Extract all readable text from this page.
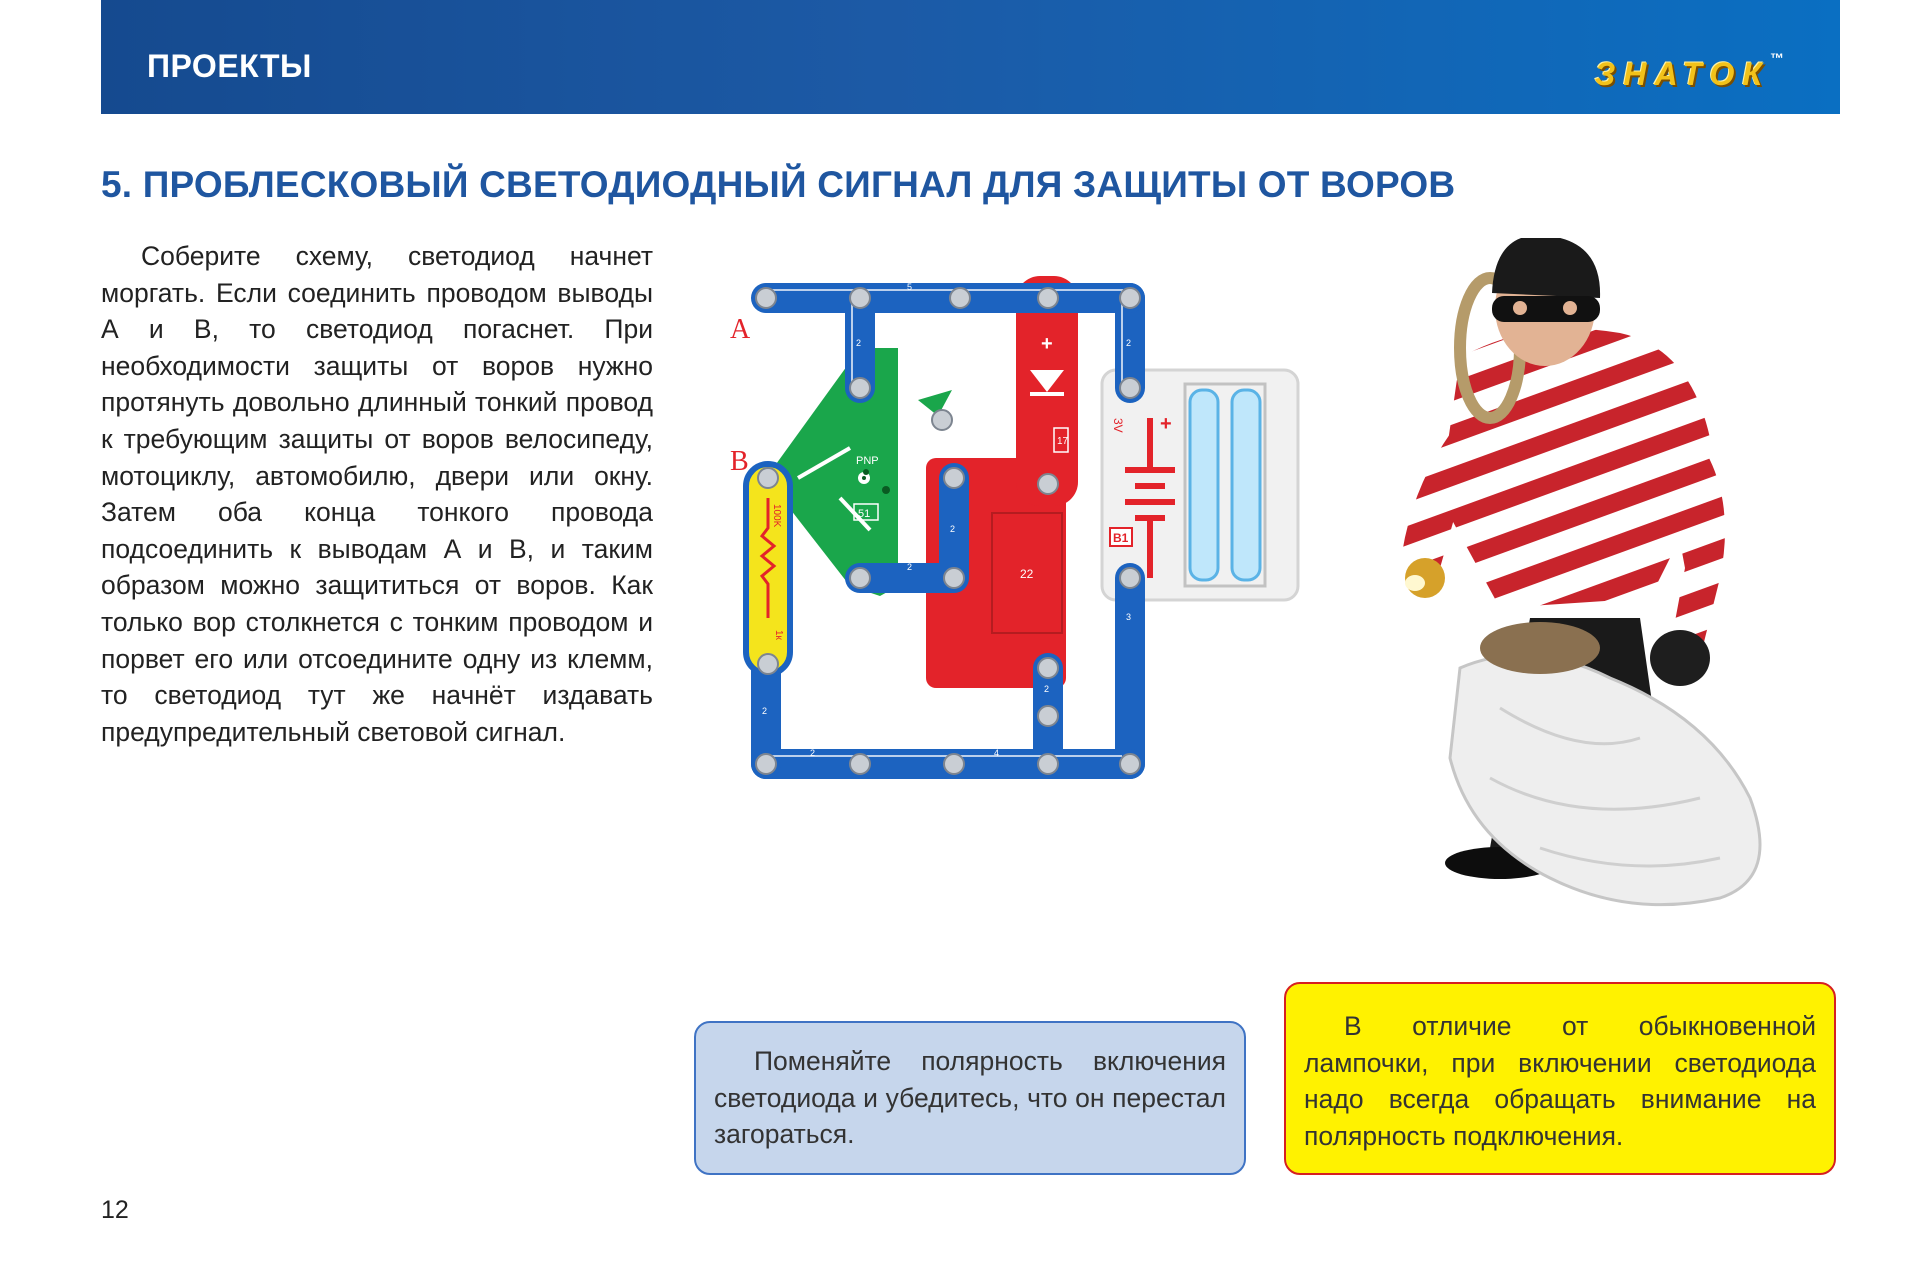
ПРОЕКТЫ	ЗНАТОК™
5. ПРОБЛЕСКОВЫЙ СВЕТОДИОДНЫЙ СИГНАЛ ДЛЯ ЗАЩИТЫ ОТ ВОРОВ
Соберите схему, светодиод начнет моргать. Если соединить проводом выводы А и В, то светодиод погаснет. При необходимости защиты от воров нужно протянуть довольно длинный тонкий провод к требующим защиты от воров велосипеду, мотоциклу, автомобилю, двери или окну. Затем оба конца тонкого провода подсоединить к выводам А и В, и таким образом можно защититься от воров. Как только вор столкнется с тонким проводом и порвет его или отсоедините одну из клемм, то светодиод тут же начнёт издавать предупредительный световой сигнал.
+
3V
B1
22
+
17
PNP
51
100K
1к
A
B
5
2	2
2
2
2
3
2
2	4
Поменяйте полярность включения светодиода и убедитесь, что он перестал загораться.
В отличие от обыкновенной лампочки, при включении светодиода надо всегда обращать внимание на полярность подключения.
12
